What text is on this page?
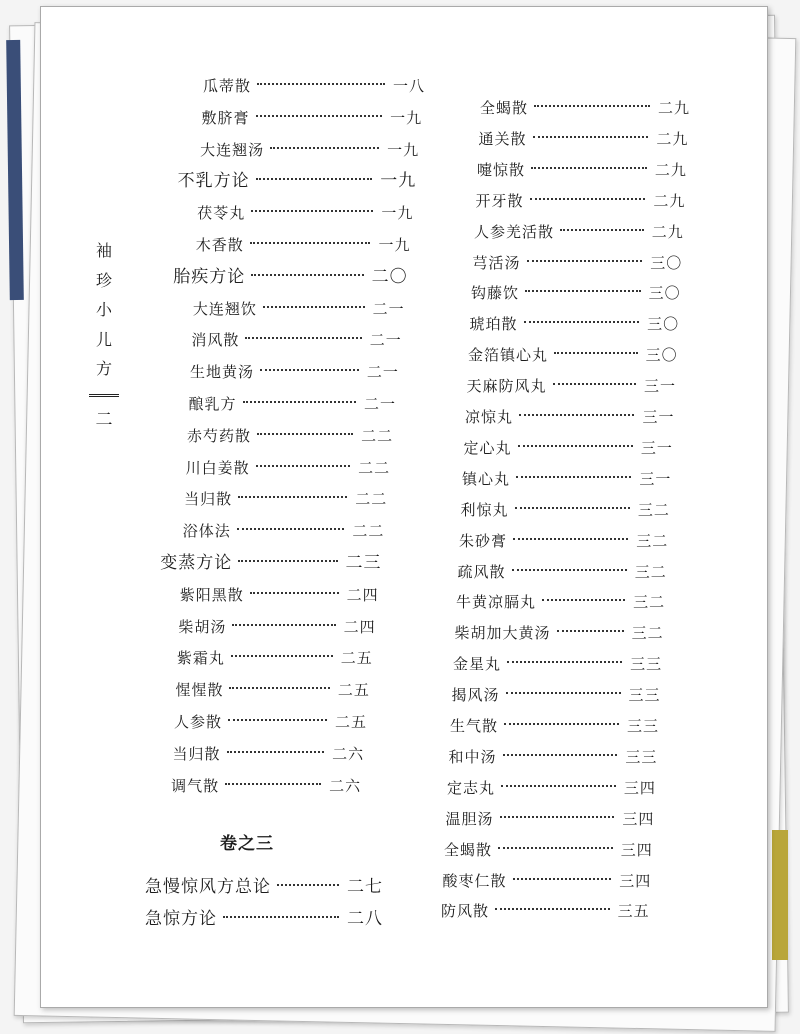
袖
珍
小
儿
方
二
卷之三
瓜蒂散	一八
敷脐膏	一九
大连翘汤	一九
不乳方论	一九
茯苓丸	一九
木香散	一九
胎疾方论	二〇
大连翘饮	二一
消风散	二一
生地黄汤	二一
酿乳方	二一
赤芍药散	二二
川白姜散	二二
当归散	二二
浴体法	二二
变蒸方论	二三
紫阳黑散	二四
柴胡汤	二四
紫霜丸	二五
惺惺散	二五
人参散	二五
当归散	二六
调气散	二六
急慢惊风方总论	二七
急惊方论	二八
全蝎散	二九
通关散	二九
嚏惊散	二九
开牙散	二九
人参羌活散	二九
芎活汤	三〇
钩藤饮	三〇
琥珀散	三〇
金箔镇心丸	三〇
天麻防风丸	三一
凉惊丸	三一
定心丸	三一
镇心丸	三一
利惊丸	三二
朱砂膏	三二
疏风散	三二
牛黄凉膈丸	三二
柴胡加大黄汤	三二
金星丸	三三
揭风汤	三三
生气散	三三
和中汤	三三
定志丸	三四
温胆汤	三四
全蝎散	三四
酸枣仁散	三四
防风散	三五
